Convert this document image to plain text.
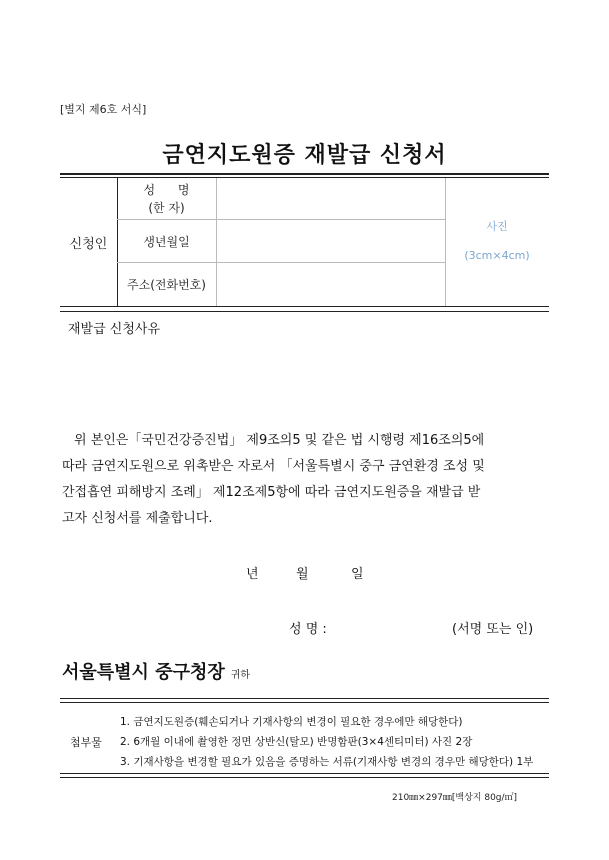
[별지 제6호 서식]
금연지도원증 재발급 신청서
신청인
성      명
(한 자)
생년월일
주소(전화번호)
사진
(3cm×4cm)
재발급 신청사유

위 본인은「국민건강증진법」 제9조의5 및 같은 법 시행령 제16조의5에

따라 금연지도원으로 위촉받은 자로서 「서울특별시 중구 금연환경 조성 및

간접흡연 피해방지 조례」 제12조제5항에 따라 금연지도원증을 재발급 받

고자 신청서를 제출합니다.

년	월	일
성 명 :	(서명 또는 인)
서울특별시 중구청장 귀하
첨부물
1. 금연지도원증(훼손되거나 기재사항의 변경이 필요한 경우에만 해당한다)
2. 6개월 이내에 촬영한 정면 상반신(탈모) 반명함판(3×4센티미터) 사진 2장
3. 기재사항을 변경할 필요가 있음을 증명하는 서류(기재사항 변경의 경우만 해당한다) 1부
210㎜×297㎜[백상지 80g/㎡]
